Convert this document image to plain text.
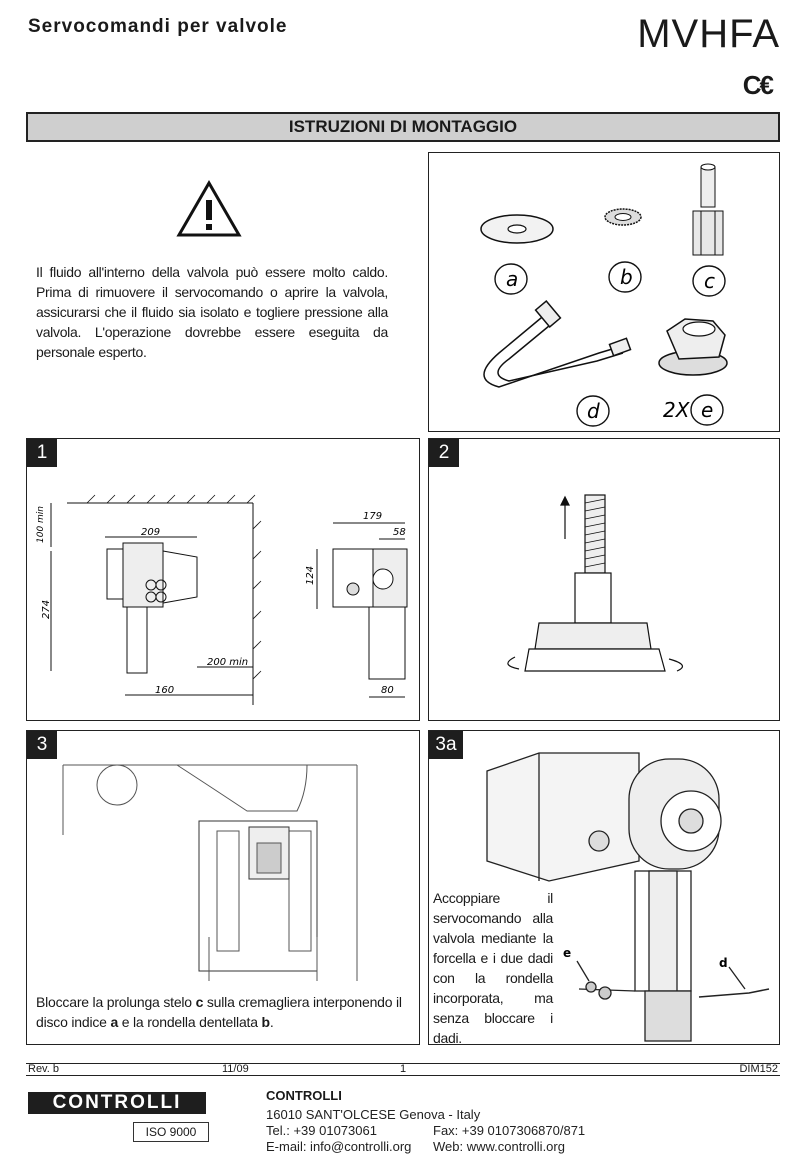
Servocomandi per valvole	MVHFA
C€
ISTRUZIONI DI MONTAGGIO
Il fluido all'interno della valvola può essere molto caldo. Prima di rimuovere il servocomando o aprire la valvola, assicurarsi che il fluido sia isolato e togliere pressione alla valvola. L'operazione dovrebbe essere eseguita da personale esperto.
a	b	c
d	2X e
1
209
100 min
274
200 min
160
179
58
124
80
2
3
Bloccare la prolunga stelo c sulla cremagliera interponendo il disco indice a e la rondella dentellata b.
3a
e
d
Accoppiare il servocomando alla valvola mediante la forcella e i due dadi con la rondella incorporata, ma senza bloccare i dadi.
Rev. b	11/09	1	DIM152
CONTROLLI
ISO 9000
CONTROLLI
16010 SANT'OLCESE Genova - Italy
Tel.: +39 01073061	Fax: +39 0107306870/871
E-mail: info@controlli.org Web: www.controlli.org
